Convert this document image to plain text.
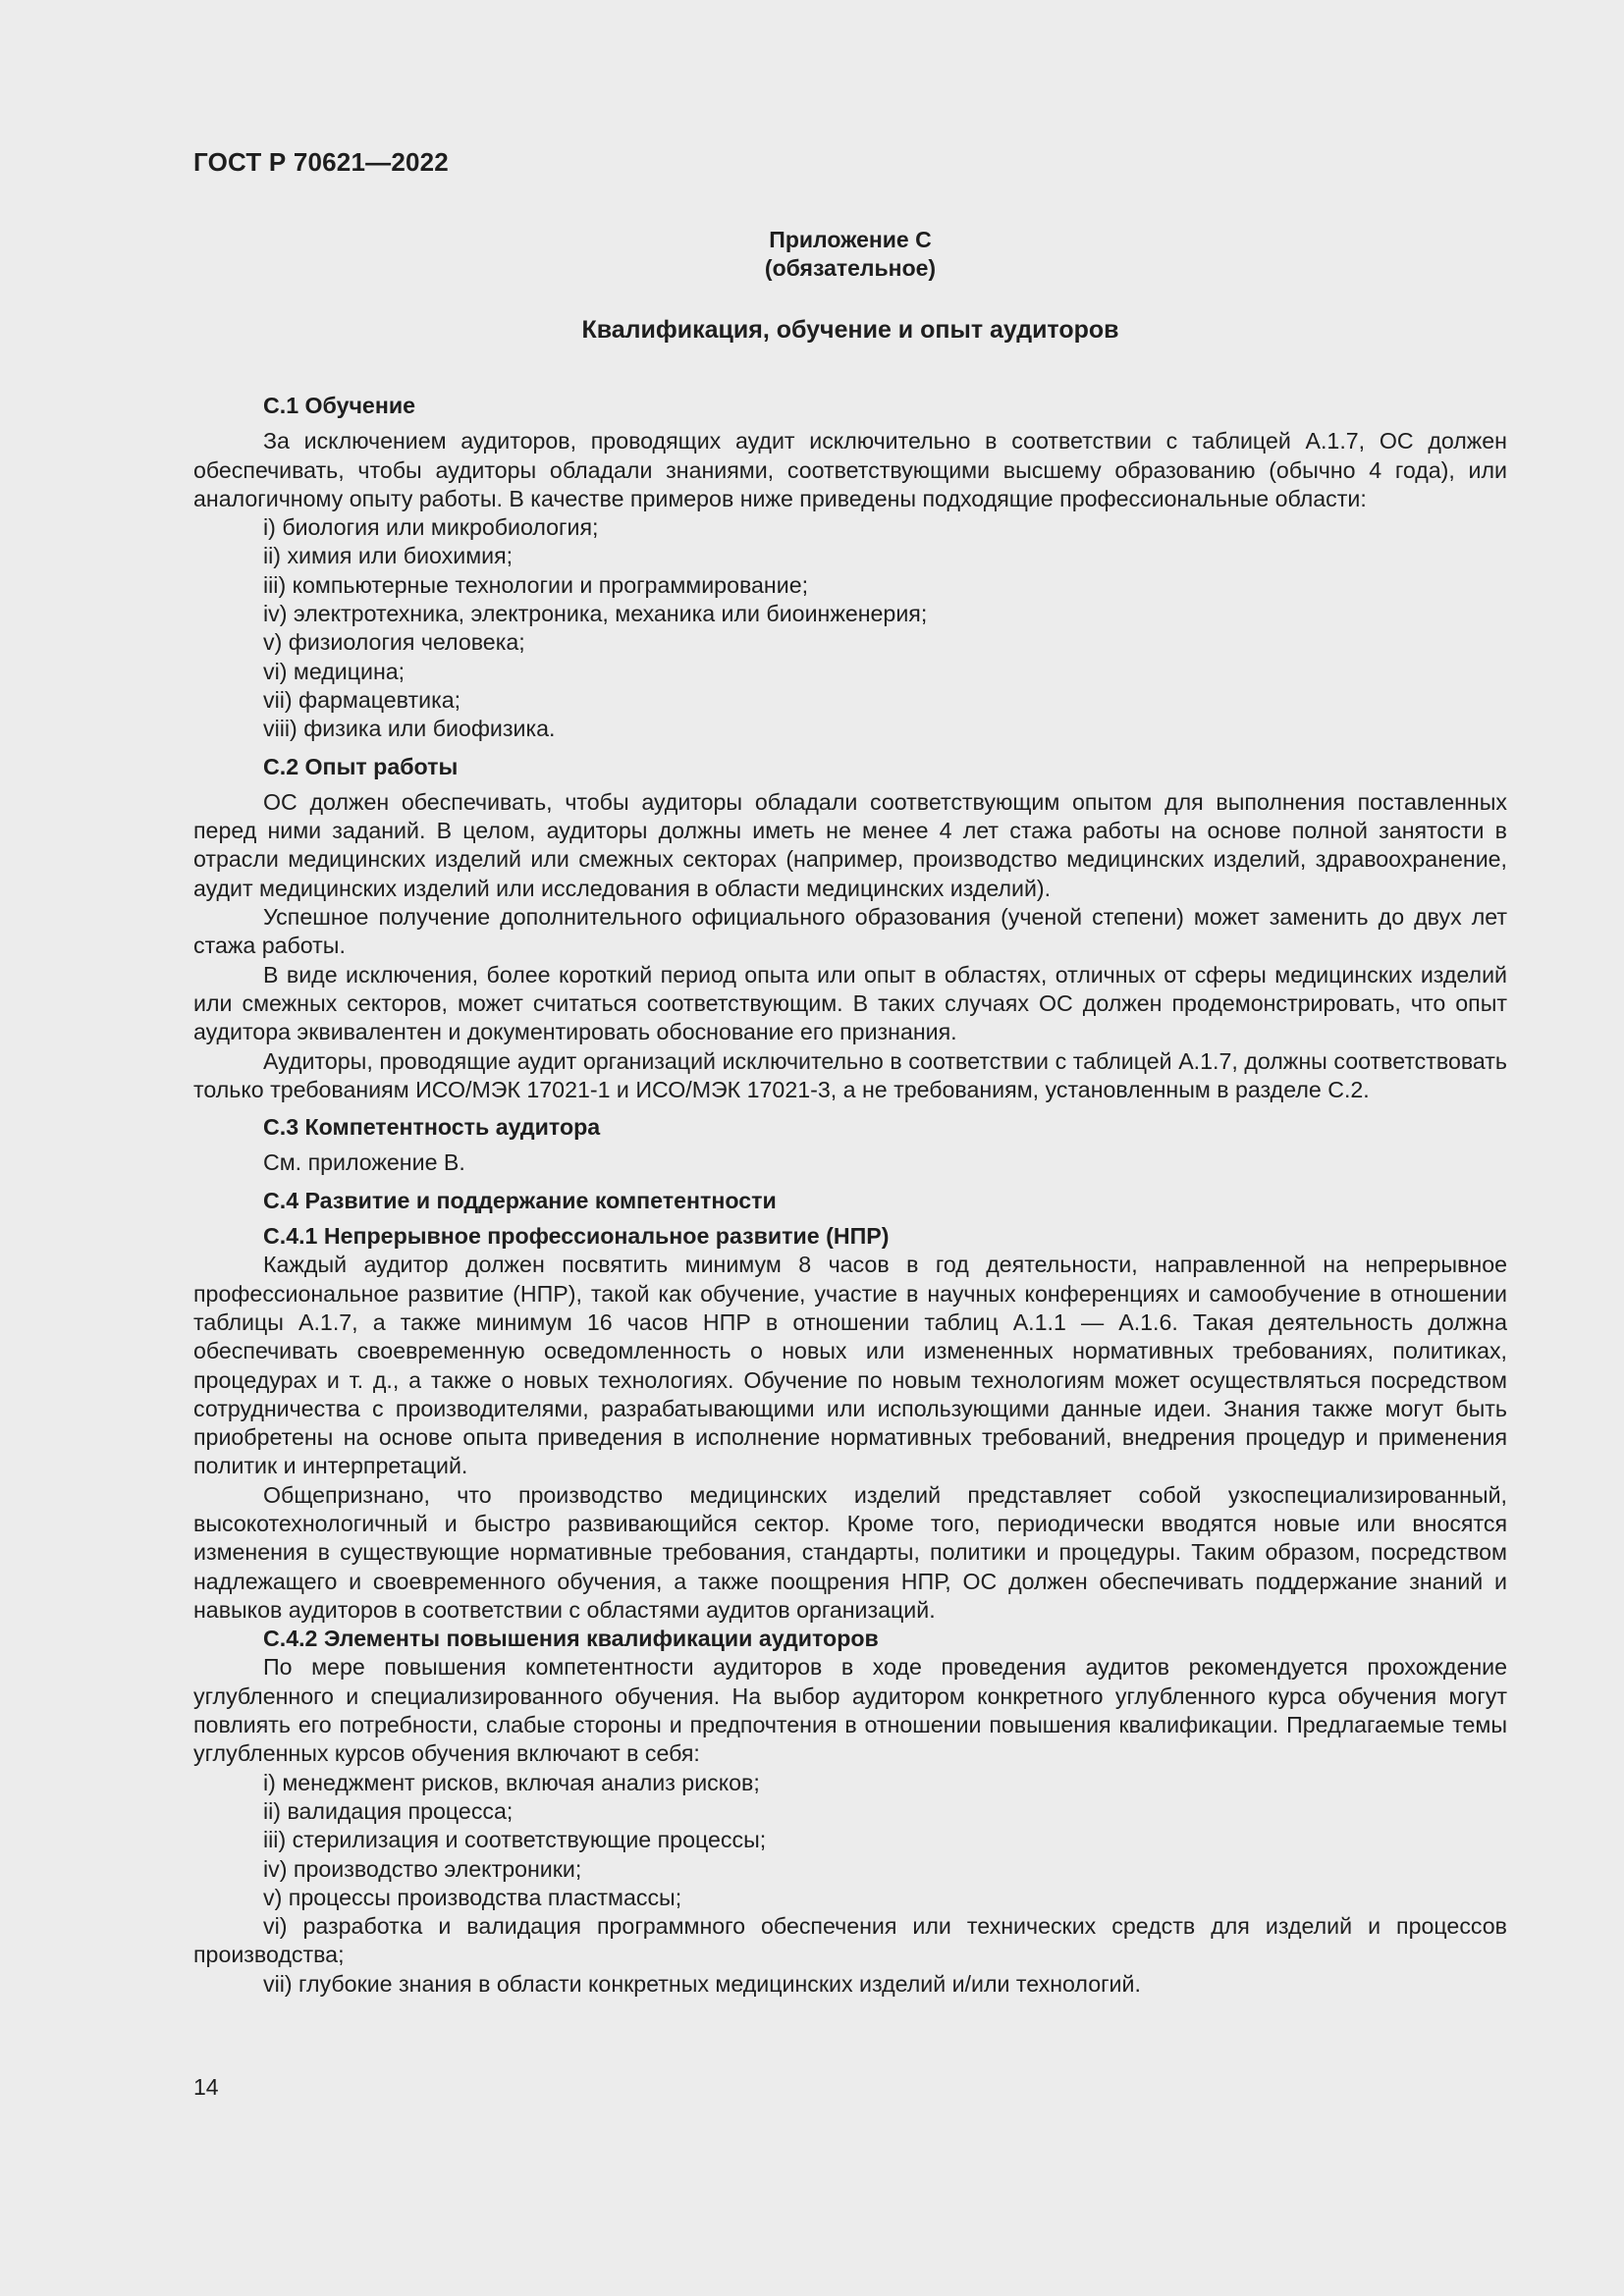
ГОСТ Р 70621—2022
Приложение С
(обязательное)
Квалификация, обучение и опыт аудиторов

С.1 Обучение

За исключением аудиторов, проводящих аудит исключительно в соответствии с таблицей А.1.7, ОС должен обеспечивать, чтобы аудиторы обладали знаниями, соответствующими высшему образованию (обычно 4 года), или аналогичному опыту работы. В качестве примеров ниже приведены подходящие профессиональные области:

i) биология или микробиология;

ii) химия или биохимия;

iii) компьютерные технологии и программирование;

iv) электротехника, электроника, механика или биоинженерия;

v) физиология человека;

vi) медицина;

vii) фармацевтика;

viii) физика или биофизика.

С.2 Опыт работы

ОС должен обеспечивать, чтобы аудиторы обладали соответствующим опытом для выполнения поставленных перед ними заданий. В целом, аудиторы должны иметь не менее 4 лет стажа работы на основе полной занятости в отрасли медицинских изделий или смежных секторах (например, производство медицинских изделий, здравоохранение, аудит медицинских изделий или исследования в области медицинских изделий).

Успешное получение дополнительного официального образования (ученой степени) может заменить до двух лет стажа работы.

В виде исключения, более короткий период опыта или опыт в областях, отличных от сферы медицинских изделий или смежных секторов, может считаться соответствующим. В таких случаях ОС должен продемонстрировать, что опыт аудитора эквивалентен и документировать обоснование его признания.

Аудиторы, проводящие аудит организаций исключительно в соответствии с таблицей А.1.7, должны соответствовать только требованиям ИСО/МЭК 17021-1 и ИСО/МЭК 17021-3, а не требованиям, установленным в разделе С.2.

С.3 Компетентность аудитора

См. приложение В.

С.4 Развитие и поддержание компетентности

С.4.1 Непрерывное профессиональное развитие (НПР)

Каждый аудитор должен посвятить минимум 8 часов в год деятельности, направленной на непрерывное профессиональное развитие (НПР), такой как обучение, участие в научных конференциях и самообучение в отношении таблицы А.1.7, а также минимум 16 часов НПР в отношении таблиц А.1.1 — А.1.6. Такая деятельность должна обеспечивать своевременную осведомленность о новых или измененных нормативных требованиях, политиках, процедурах и т. д., а также о новых технологиях. Обучение по новым технологиям может осуществляться посредством сотрудничества с производителями, разрабатывающими или использующими данные идеи. Знания также могут быть приобретены на основе опыта приведения в исполнение нормативных требований, внедрения процедур и применения политик и интерпретаций.

Общепризнано, что производство медицинских изделий представляет собой узкоспециализированный, высокотехнологичный и быстро развивающийся сектор. Кроме того, периодически вводятся новые или вносятся изменения в существующие нормативные требования, стандарты, политики и процедуры. Таким образом, посредством надлежащего и своевременного обучения, а также поощрения НПР, ОС должен обеспечивать поддержание знаний и навыков аудиторов в соответствии с областями аудитов организаций.

С.4.2 Элементы повышения квалификации аудиторов

По мере повышения компетентности аудиторов в ходе проведения аудитов рекомендуется прохождение углубленного и специализированного обучения. На выбор аудитором конкретного углубленного курса обучения могут повлиять его потребности, слабые стороны и предпочтения в отношении повышения квалификации. Предлагаемые темы углубленных курсов обучения включают в себя:

i) менеджмент рисков, включая анализ рисков;

ii) валидация процесса;

iii) стерилизация и соответствующие процессы;

iv) производство электроники;

v) процессы производства пластмассы;

vi) разработка и валидация программного обеспечения или технических средств для изделий и процессов производства;

vii) глубокие знания в области конкретных медицинских изделий и/или технологий.

14
